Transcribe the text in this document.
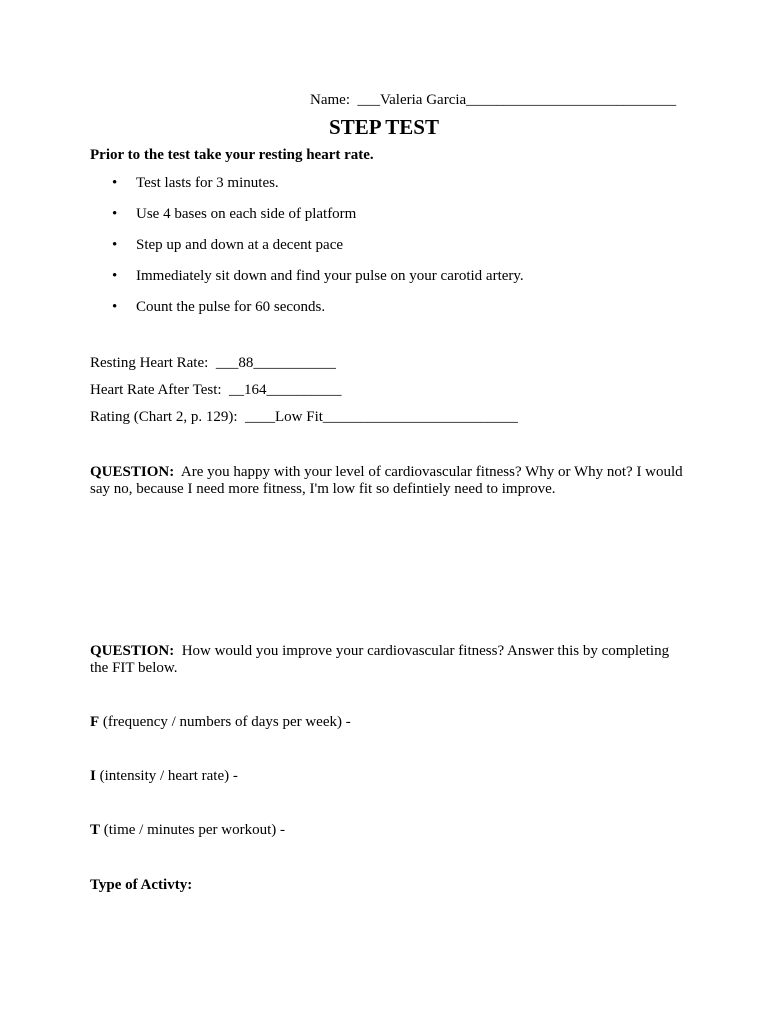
Name: ___Valeria Garcia____________________________
STEP TEST
Prior to the test take your resting heart rate.
• Test lasts for 3 minutes.
• Use 4 bases on each side of platform
• Step up and down at a decent pace
• Immediately sit down and find your pulse on your carotid artery.
• Count the pulse for 60 seconds.
Resting Heart Rate: ___88___________
Heart Rate After Test: __164__________
Rating (Chart 2, p. 129): ____Low Fit__________________________
QUESTION: Are you happy with your level of cardiovascular fitness? Why or Why not? I would say no, because I need more fitness, I'm low fit so defintiely need to improve.
QUESTION: How would you improve your cardiovascular fitness? Answer this by completing the FIT below.
F (frequency / numbers of days per week) -
I (intensity / heart rate) -
T (time / minutes per workout) -
Type of Activty:
